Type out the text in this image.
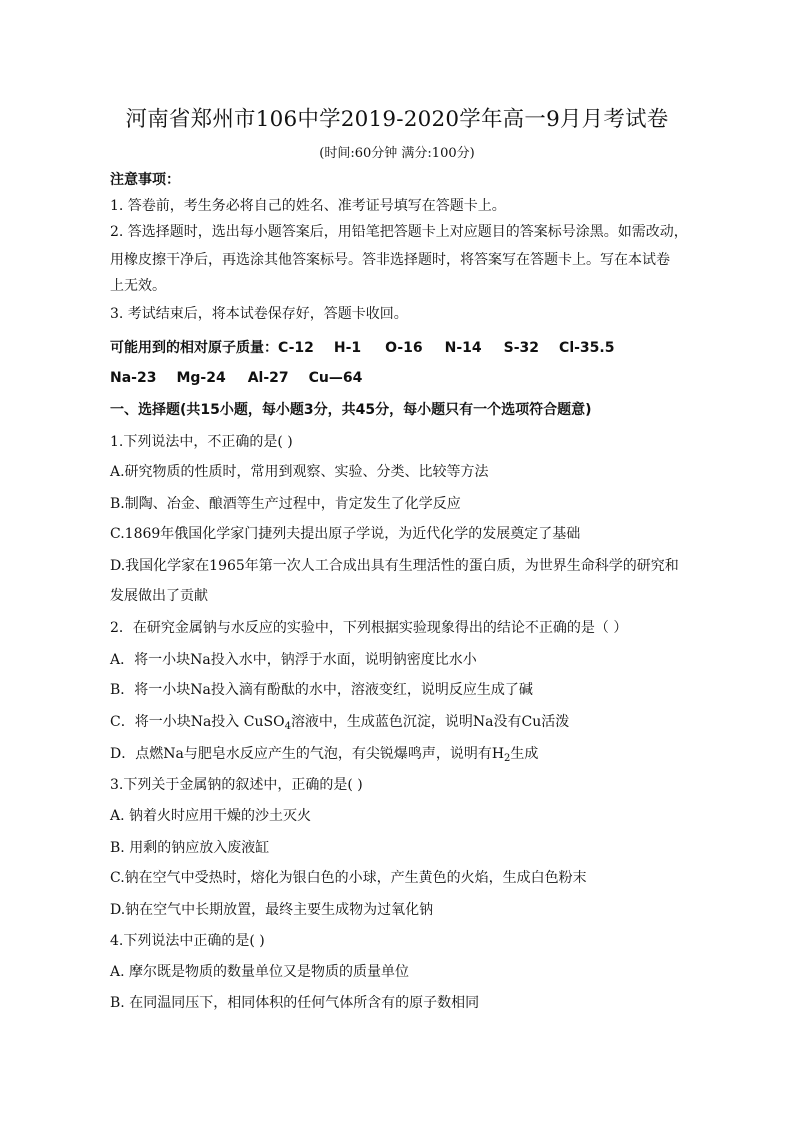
河南省郑州市106中学2019-2020学年高一9月月考试卷
(时间:60分钟 满分:100分)
注意事项：
1. 答卷前，考生务必将自己的姓名、准考证号填写在答题卡上。
2. 答选择题时，选出每小题答案后，用铅笔把答题卡上对应题目的答案标号涂黑。如需改动，
用橡皮擦干净后，再选涂其他答案标号。答非选择题时，将答案写在答题卡上。写在本试卷
上无效。
3. 考试结束后，将本试卷保存好，答题卡收回。
可能用到的相对原子质量：C-12 H-1 O-16 N-14 S-32 Cl-35.5
Na-23 Mg-24 Al-27 Cu—64
一、选择题(共15小题，每小题3分，共45分，每小题只有一个选项符合题意)
1.下列说法中，不正确的是( )
A.研究物质的性质时，常用到观察、实验、分类、比较等方法
B.制陶、冶金、酿酒等生产过程中，肯定发生了化学反应
C.1869年俄国化学家门捷列夫提出原子学说，为近代化学的发展奠定了基础
D.我国化学家在1965年第一次人工合成出具有生理活性的蛋白质，为世界生命科学的研究和
发展做出了贡献
2．在研究金属钠与水反应的实验中，下列根据实验现象得出的结论不正确的是（ ）
A．将一小块Na投入水中，钠浮于水面，说明钠密度比水小
B．将一小块Na投入滴有酚酞的水中，溶液变红，说明反应生成了碱
C．将一小块Na投入 CuSO$_4$溶液中，生成蓝色沉淀，说明Na没有Cu活泼
D．点燃Na与肥皂水反应产生的气泡，有尖锐爆鸣声，说明有$H_2$生成
3.下列关于金属钠的叙述中，正确的是( )
A. 钠着火时应用干燥的沙土灭火
B. 用剩的钠应放入废液缸
C.钠在空气中受热时，熔化为银白色的小球，产生黄色的火焰，生成白色粉末
D.钠在空气中长期放置，最终主要生成物为过氧化钠
4.下列说法中正确的是( )
A. 摩尔既是物质的数量单位又是物质的质量单位
B. 在同温同压下，相同体积的任何气体所含有的原子数相同
